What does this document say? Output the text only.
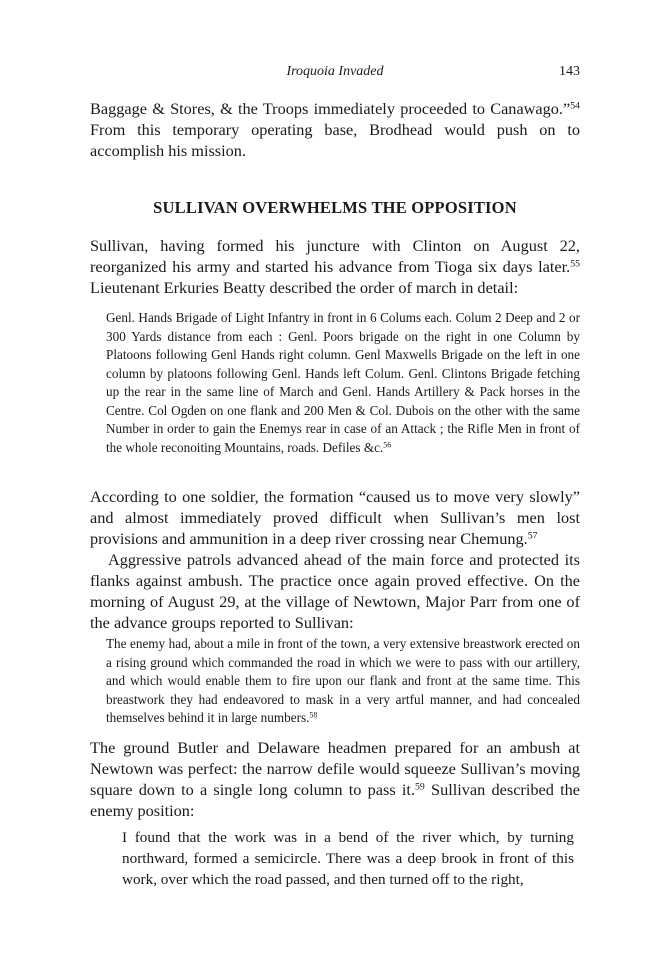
Iroquoia Invaded	143

Baggage & Stores, & the Troops immediately proceeded to Canawago.”$^{54}$ From this temporary operating base, Brodhead would push on to accomplish his mission.

SULLIVAN OVERWHELMS THE OPPOSITION

Sullivan, having formed his juncture with Clinton on August 22, reorganized his army and started his advance from Tioga six days later.$^{55}$ Lieutenant Erkuries Beatty described the order of march in detail:

Genl. Hands Brigade of Light Infantry in front in 6 Colums each. Colum 2 Deep and 2 or 300 Yards distance from each : Genl. Poors brigade on the right in one Column by Platoons following Genl Hands right column. Genl Maxwells Brigade on the left in one column by platoons following Genl. Hands left Colum. Genl. Clintons Brigade fetching up the rear in the same line of March and Genl. Hands Artillery & Pack horses in the Centre. Col Ogden on one flank and 200 Men & Col. Dubois on the other with the same Number in order to gain the Enemys rear in case of an Attack ; the Rifle Men in front of the whole reconoiting Mountains, roads. Defiles &c.$^{56}$

According to one soldier, the formation “caused us to move very slowly” and almost immediately proved difficult when Sullivan’s men lost provisions and ammunition in a deep river crossing near Chemung.$^{57}$

Aggressive patrols advanced ahead of the main force and protected its flanks against ambush. The practice once again proved effective. On the morning of August 29, at the village of Newtown, Major Parr from one of the advance groups reported to Sullivan:

The enemy had, about a mile in front of the town, a very extensive breastwork erected on a rising ground which commanded the road in which we were to pass with our artillery, and which would enable them to fire upon our flank and front at the same time. This breastwork they had endeavored to mask in a very artful manner, and had concealed themselves behind it in large numbers.$^{58}$

The ground Butler and Delaware headmen prepared for an ambush at Newtown was perfect: the narrow defile would squeeze Sullivan’s moving square down to a single long column to pass it.$^{59}$ Sullivan described the enemy position:

I found that the work was in a bend of the river which, by turning northward, formed a semicircle. There was a deep brook in front of this work, over which the road passed, and then turned off to the right,
